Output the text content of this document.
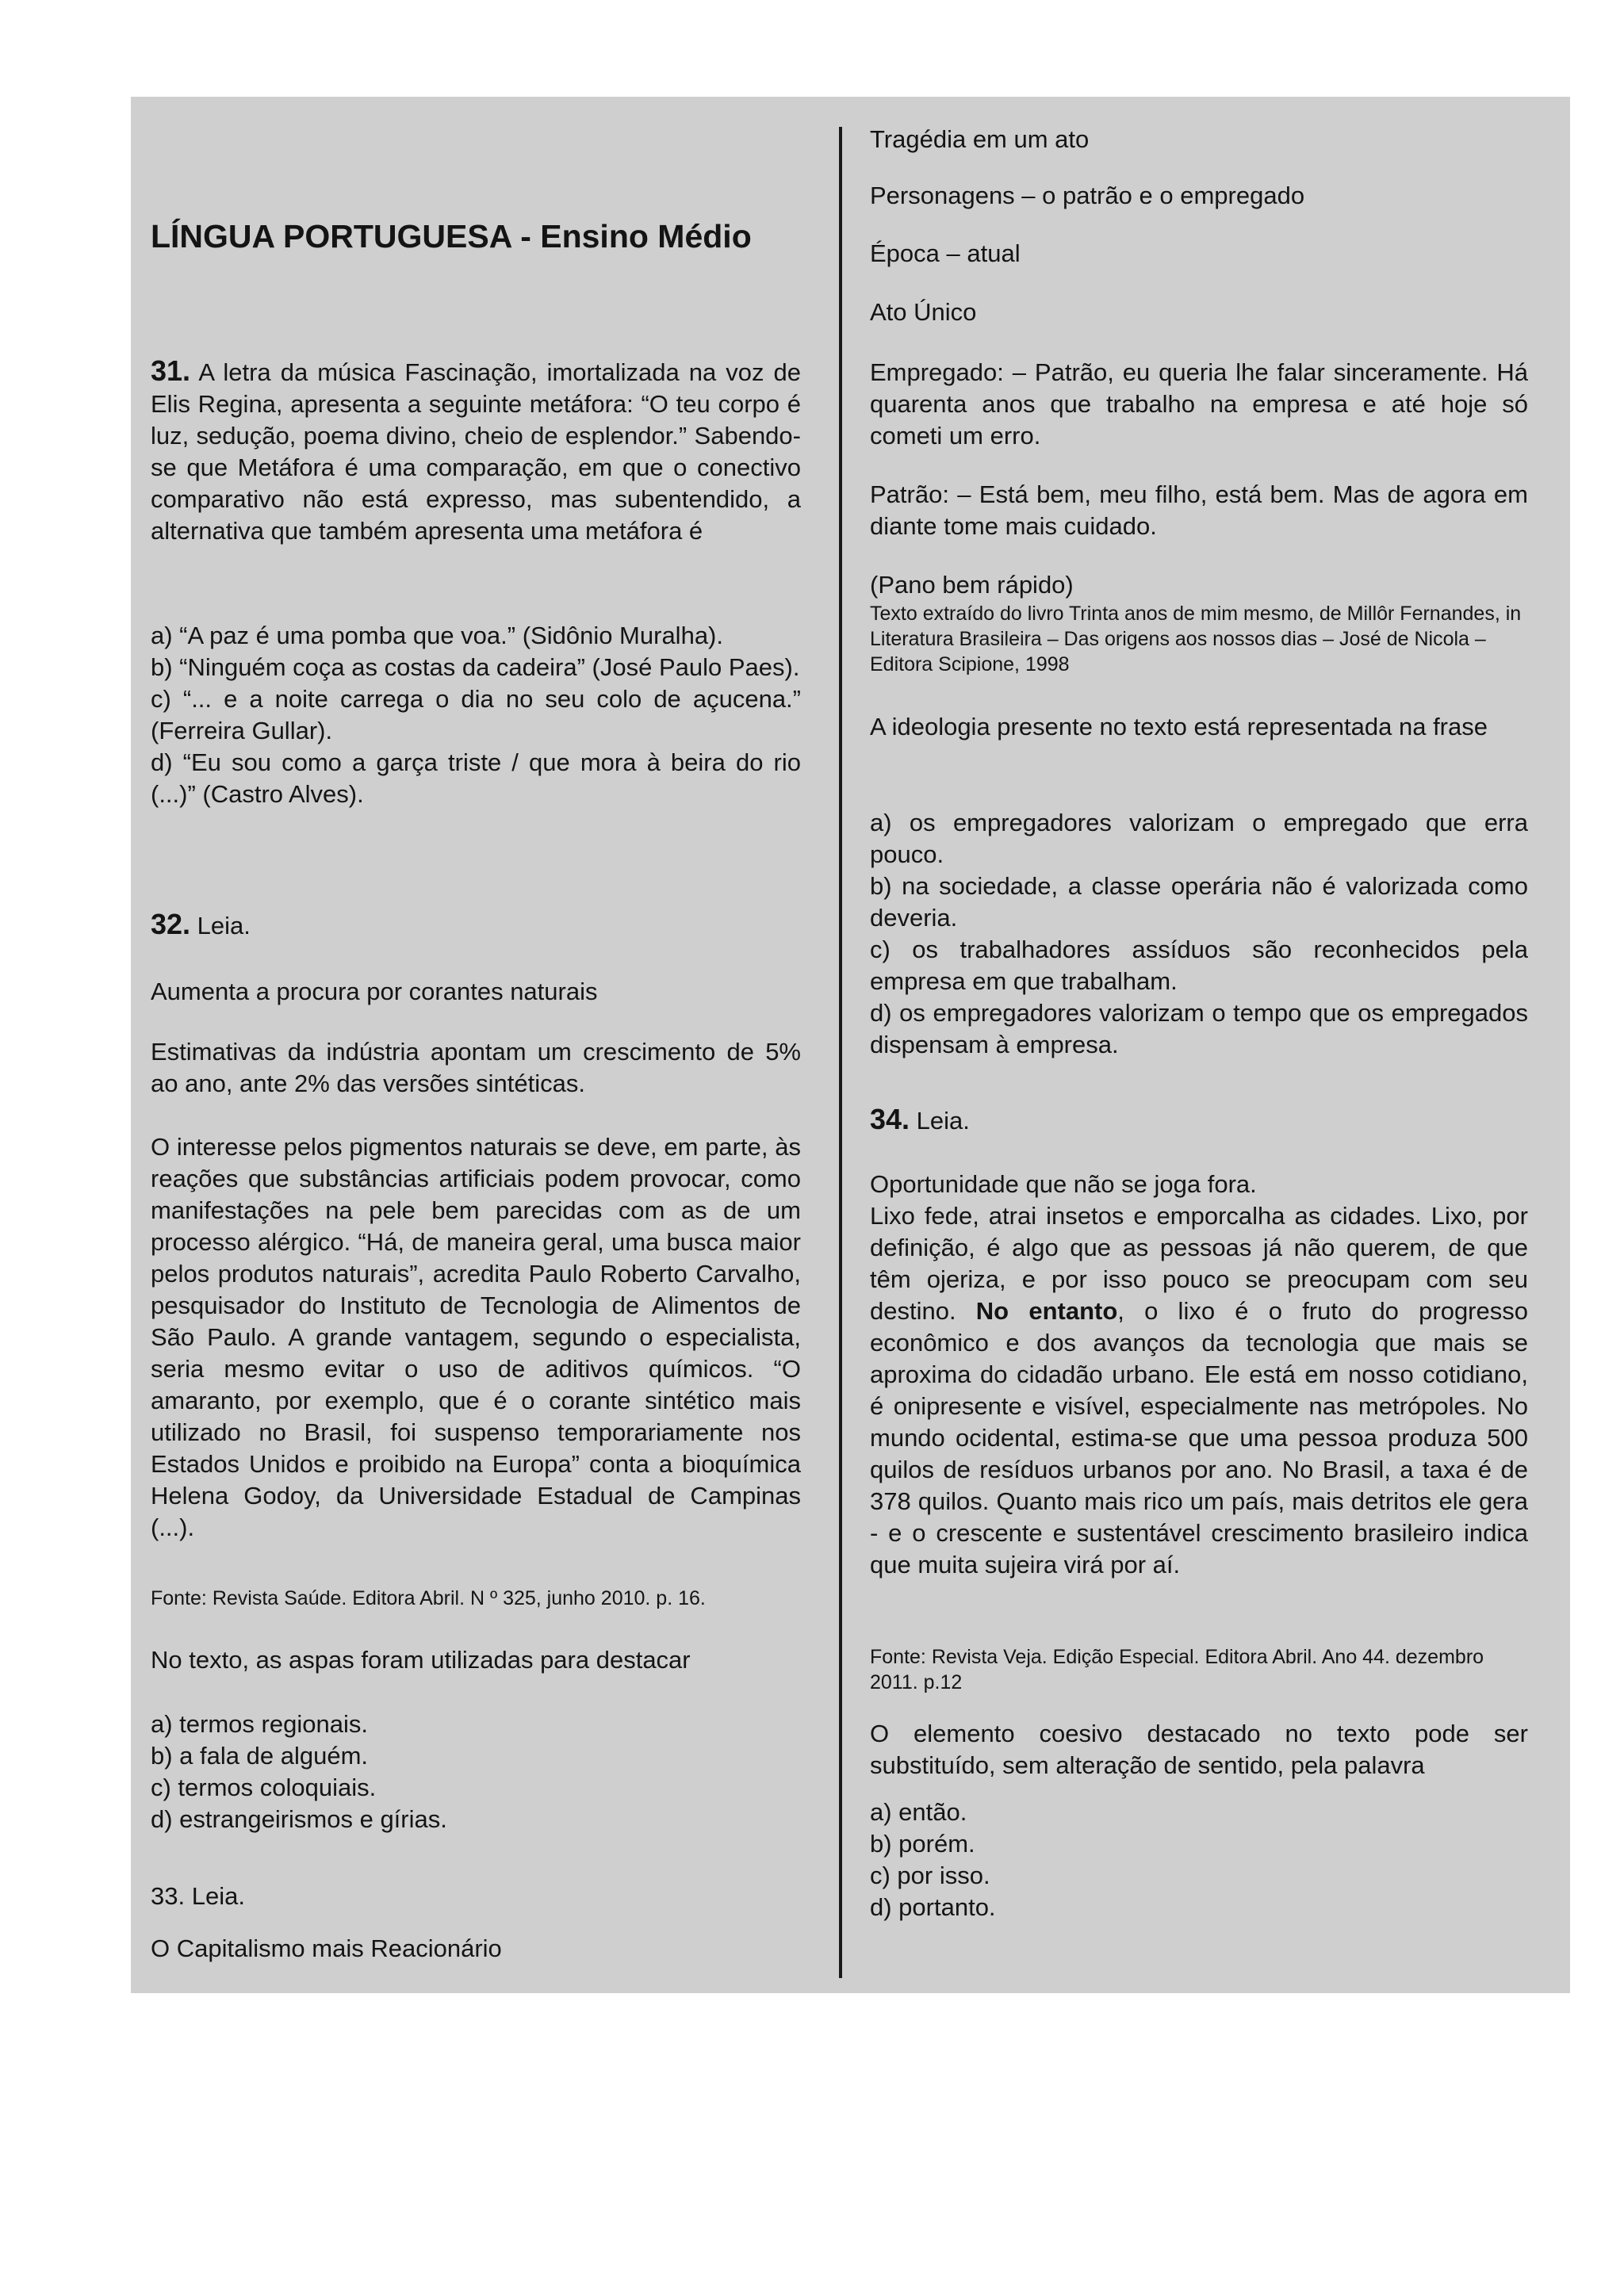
LÍNGUA PORTUGUESA - Ensino Médio
31. A letra da música Fascinação, imortalizada na voz de Elis Regina, apresenta a seguinte metáfora: “O teu corpo é luz, sedução, poema divino, cheio de esplendor.” Sabendo-se que Metáfora é uma comparação, em que o conectivo comparativo não está expresso, mas subentendido, a alternativa que também apresenta uma metáfora é
a) “A paz é uma pomba que voa.” (Sidônio Muralha).
b) “Ninguém coça as costas da cadeira” (José Paulo Paes).
c) “... e a noite carrega o dia no seu colo de açucena.” (Ferreira Gullar).
d) “Eu sou como a garça triste / que mora à beira do rio (...)” (Castro Alves).
32. Leia.
Aumenta a procura por corantes naturais
Estimativas da indústria apontam um crescimento de 5% ao ano, ante 2% das versões sintéticas.
O interesse pelos pigmentos naturais se deve, em parte, às reações que substâncias artificiais podem provocar, como manifestações na pele bem parecidas com as de um processo alérgico. “Há, de maneira geral, uma busca maior pelos produtos naturais”, acredita Paulo Roberto Carvalho, pesquisador do Instituto de Tecnologia de Alimentos de São Paulo. A grande vantagem, segundo o especialista, seria mesmo evitar o uso de aditivos químicos. “O amaranto, por exemplo, que é o corante sintético mais utilizado no Brasil, foi suspenso temporariamente nos Estados Unidos e proibido na Europa” conta a bioquímica Helena Godoy, da Universidade Estadual de Campinas (...).
Fonte: Revista Saúde. Editora Abril. N º 325, junho 2010. p. 16.
No texto, as aspas foram utilizadas para destacar
a) termos regionais.
b) a fala de alguém.
c) termos coloquiais.
d) estrangeirismos e gírias.
33. Leia.
O Capitalismo mais Reacionário
Tragédia em um ato
Personagens – o patrão e o empregado
Época – atual
Ato Único
Empregado: – Patrão, eu queria lhe falar sinceramente. Há quarenta anos que trabalho na empresa e até hoje só cometi um erro.
Patrão: – Está bem, meu filho, está bem. Mas de agora em diante tome mais cuidado.
(Pano bem rápido)
Texto extraído do livro Trinta anos de mim mesmo, de Millôr Fernandes, in Literatura Brasileira – Das origens aos nossos dias – José de Nicola – Editora Scipione, 1998
A ideologia presente no texto está representada na frase
a) os empregadores valorizam o empregado que erra pouco.
b) na sociedade, a classe operária não é valorizada como deveria.
c) os trabalhadores assíduos são reconhecidos pela empresa em que trabalham.
d) os empregadores valorizam o tempo que os empregados dispensam à empresa.
34. Leia.
Oportunidade que não se joga fora.
Lixo fede, atrai insetos e emporcalha as cidades. Lixo, por definição, é algo que as pessoas já não querem, de que têm ojeriza, e por isso pouco se preocupam com seu destino. No entanto, o lixo é o fruto do progresso econômico e dos avanços da tecnologia que mais se aproxima do cidadão urbano. Ele está em nosso cotidiano, é onipresente e visível, especialmente nas metrópoles. No mundo ocidental, estima-se que uma pessoa produza 500 quilos de resíduos urbanos por ano. No Brasil, a taxa é de 378 quilos. Quanto mais rico um país, mais detritos ele gera - e o crescente e sustentável crescimento brasileiro indica que muita sujeira virá por aí.
Fonte: Revista Veja. Edição Especial. Editora Abril. Ano 44. dezembro 2011. p.12
O elemento coesivo destacado no texto pode ser substituído, sem alteração de sentido, pela palavra
a) então.
b) porém.
c) por isso.
d) portanto.
